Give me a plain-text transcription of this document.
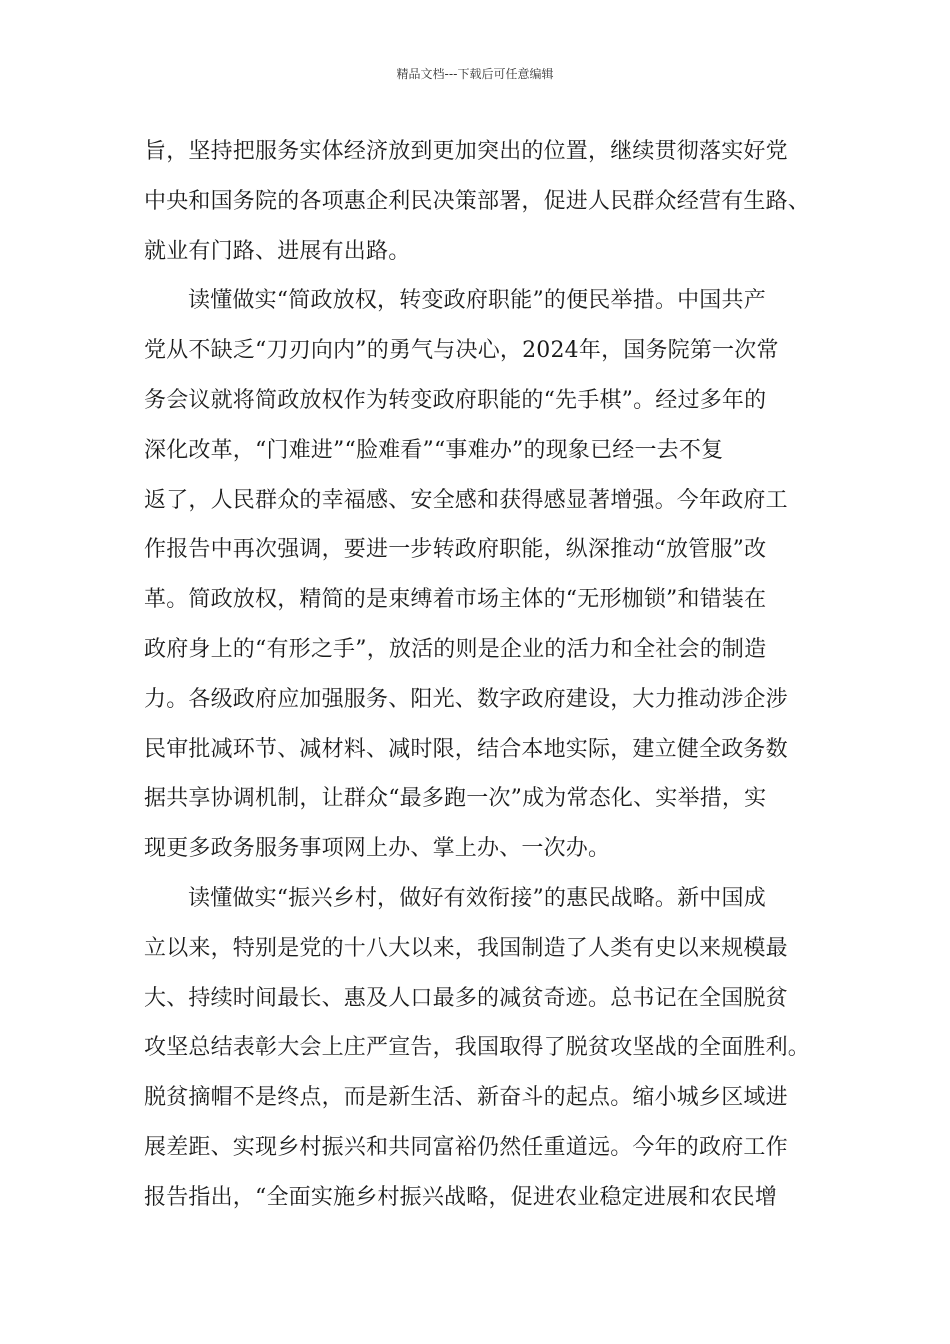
精品文档---下载后可任意编辑
旨，坚持把服务实体经济放到更加突出的位置，继续贯彻落实好党
中央和国务院的各项惠企利民决策部署，促进人民群众经营有生路、
就业有门路、进展有出路。
读懂做实“简政放权，转变政府职能”的便民举措。中国共产
党从不缺乏“刀刃向内”的勇气与决心，2024年，国务院第一次常
务会议就将简政放权作为转变政府职能的“先手棋”。经过多年的
深化改革，“门难进”“脸难看”“事难办”的现象已经一去不复
返了，人民群众的幸福感、安全感和获得感显著增强。今年政府工
作报告中再次强调，要进一步转政府职能，纵深推动“放管服”改
革。简政放权，精简的是束缚着市场主体的“无形枷锁”和错装在
政府身上的“有形之手”，放活的则是企业的活力和全社会的制造
力。各级政府应加强服务、阳光、数字政府建设，大力推动涉企涉
民审批减环节、减材料、减时限，结合本地实际，建立健全政务数
据共享协调机制，让群众“最多跑一次”成为常态化、实举措，实
现更多政务服务事项网上办、掌上办、一次办。
读懂做实“振兴乡村，做好有效衔接”的惠民战略。新中国成
立以来，特别是党的十八大以来，我国制造了人类有史以来规模最
大、持续时间最长、惠及人口最多的减贫奇迹。总书记在全国脱贫
攻坚总结表彰大会上庄严宣告，我国取得了脱贫攻坚战的全面胜利。
脱贫摘帽不是终点，而是新生活、新奋斗的起点。缩小城乡区域进
展差距、实现乡村振兴和共同富裕仍然任重道远。今年的政府工作
报告指出，“全面实施乡村振兴战略，促进农业稳定进展和农民增
